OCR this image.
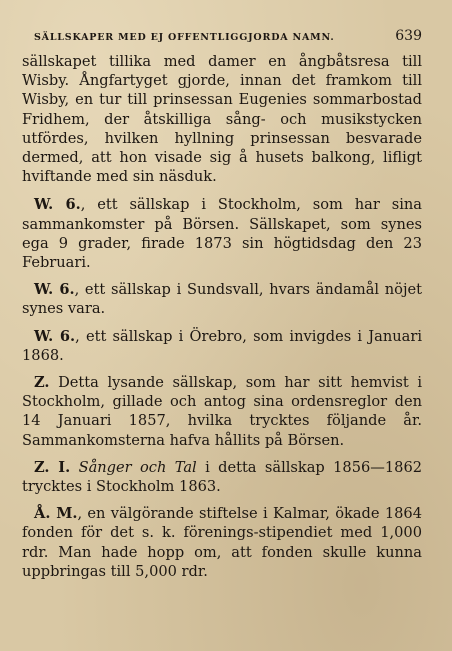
SÄLLSKAPER MED EJ OFFENTLIGGJORDA NAMN.	639

sällskapet tillika med damer en ångbåtsresa till Wisby. Ångfartyget gjorde, innan det framkom till Wisby, en tur till prinsessan Eugenies sommarbostad Fridhem, der åtskilliga sång- och musikstycken utfördes, hvilken hyllning prinsessan besvarade dermed, att hon visade sig å husets balkong, lifligt hviftande med sin näsduk.

W. 6., ett sällskap i Stockholm, som har sina sammankomster på Börsen. Sällskapet, som synes ega 9 grader, firade 1873 sin högtidsdag den 23 Februari.

W. 6., ett sällskap i Sundsvall, hvars ändamål nöjet synes vara.

W. 6., ett sällskap i Örebro, som invigdes i Januari 1868.

Z. Detta lysande sällskap, som har sitt hemvist i Stockholm, gillade och antog sina ordensreglor den 14 Januari 1857, hvilka trycktes följande år. Sammankomsterna hafva hållits på Börsen.

Z. I. Sånger och Tal i detta sällskap 1856—1862 trycktes i Stockholm 1863.

Å. M., en välgörande stiftelse i Kalmar, ökade 1864 fonden för det s. k. förenings-stipendiet med 1,000 rdr. Man hade hopp om, att fonden skulle kunna uppbringas till 5,000 rdr.
